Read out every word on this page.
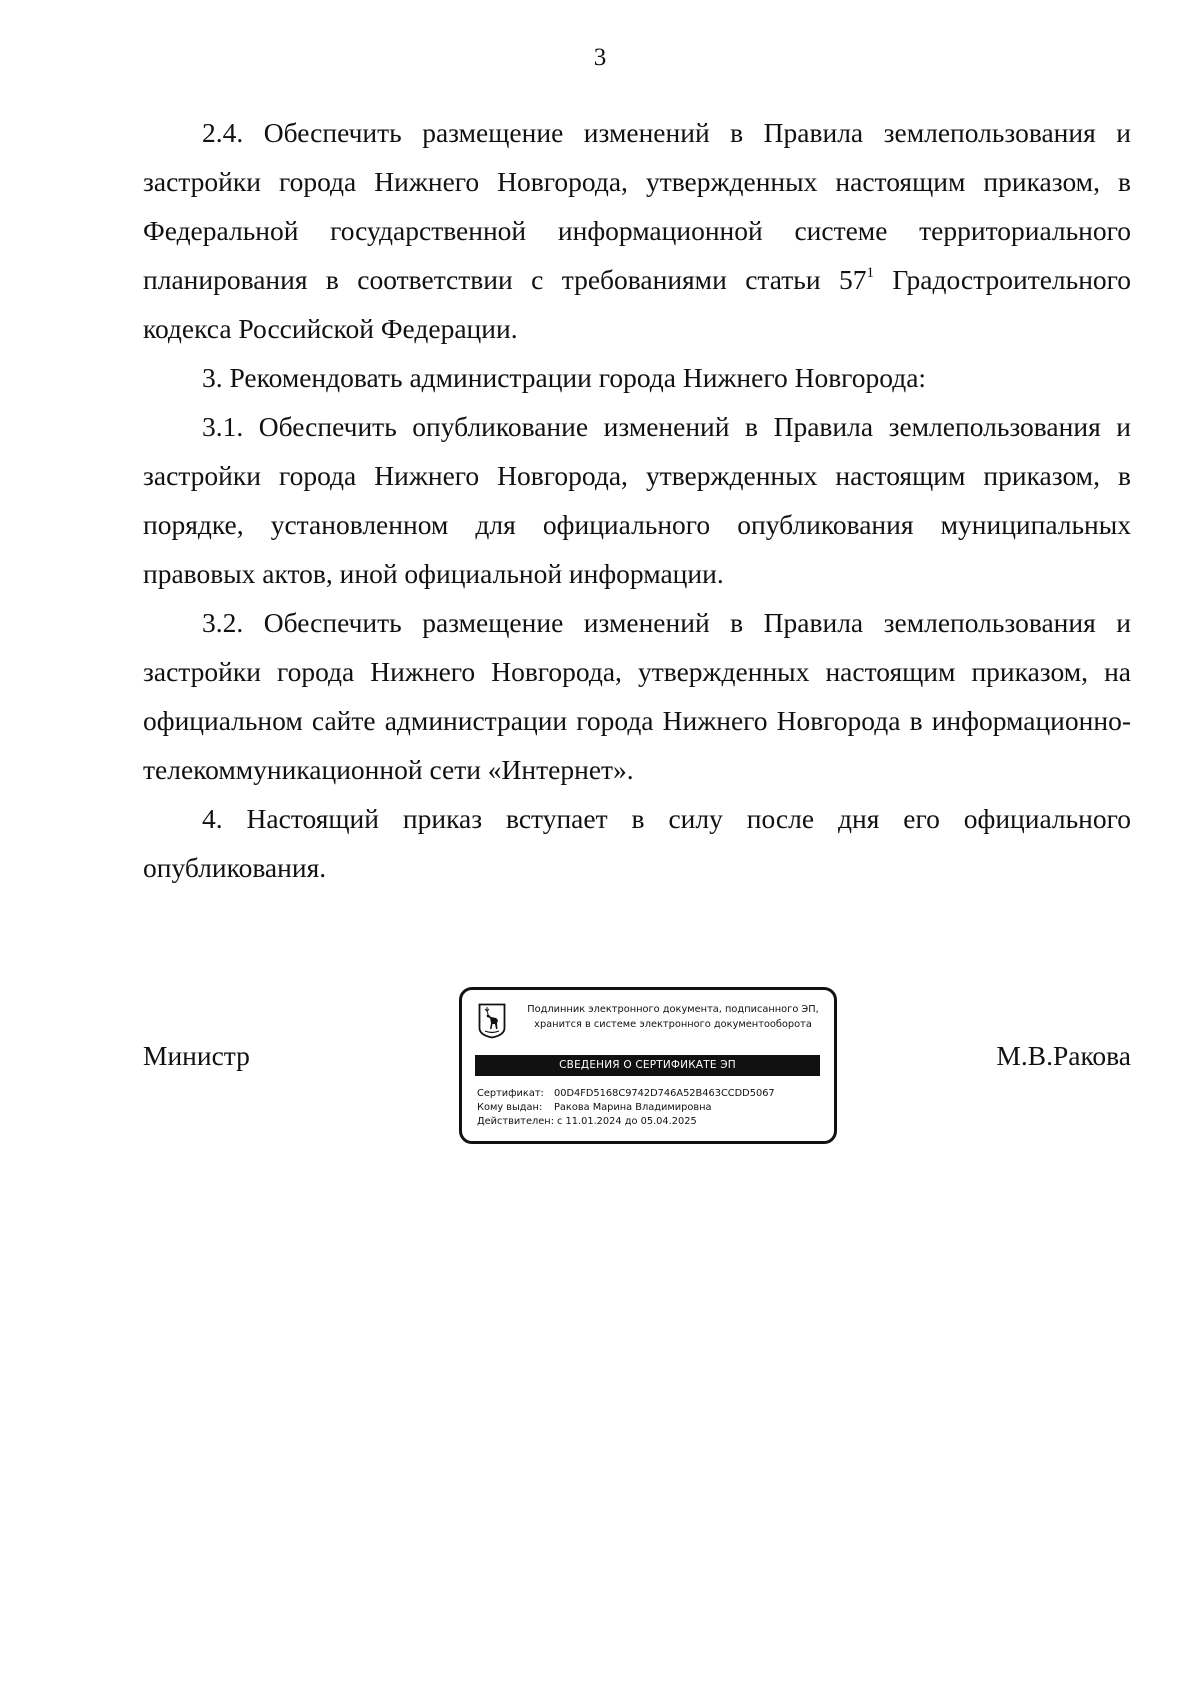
3

2.4. Обеспечить размещение изменений в Правила землепользования и застройки города Нижнего Новгорода, утвержденных настоящим приказом, в Федеральной государственной информационной системе территориального планирования в соответствии с требованиями статьи $57^1$ Градостроительного кодекса Российской Федерации.

3. Рекомендовать администрации города Нижнего Новгорода:

3.1. Обеспечить опубликование изменений в Правила землепользования и застройки города Нижнего Новгорода, утвержденных настоящим приказом, в порядке, установленном для официального опубликования муниципальных правовых актов, иной официальной информации.

3.2. Обеспечить размещение изменений в Правила землепользования и застройки города Нижнего Новгорода, утвержденных настоящим приказом, на официальном сайте администрации города Нижнего Новгорода в информационно-телекоммуникационной сети «Интернет».

4. Настоящий приказ вступает в силу после дня его официального опубликования.

Министр	М.В.Ракова
Подлинник электронного документа, подписанного ЭП,
хранится в системе электронного документооборота
СВЕДЕНИЯ О СЕРТИФИКАТЕ ЭП
Сертификат: 00D4FD5168C9742D746A52B463CCDD5067
Кому выдан: Ракова Марина Владимировна
Действителен: с 11.01.2024 до 05.04.2025
